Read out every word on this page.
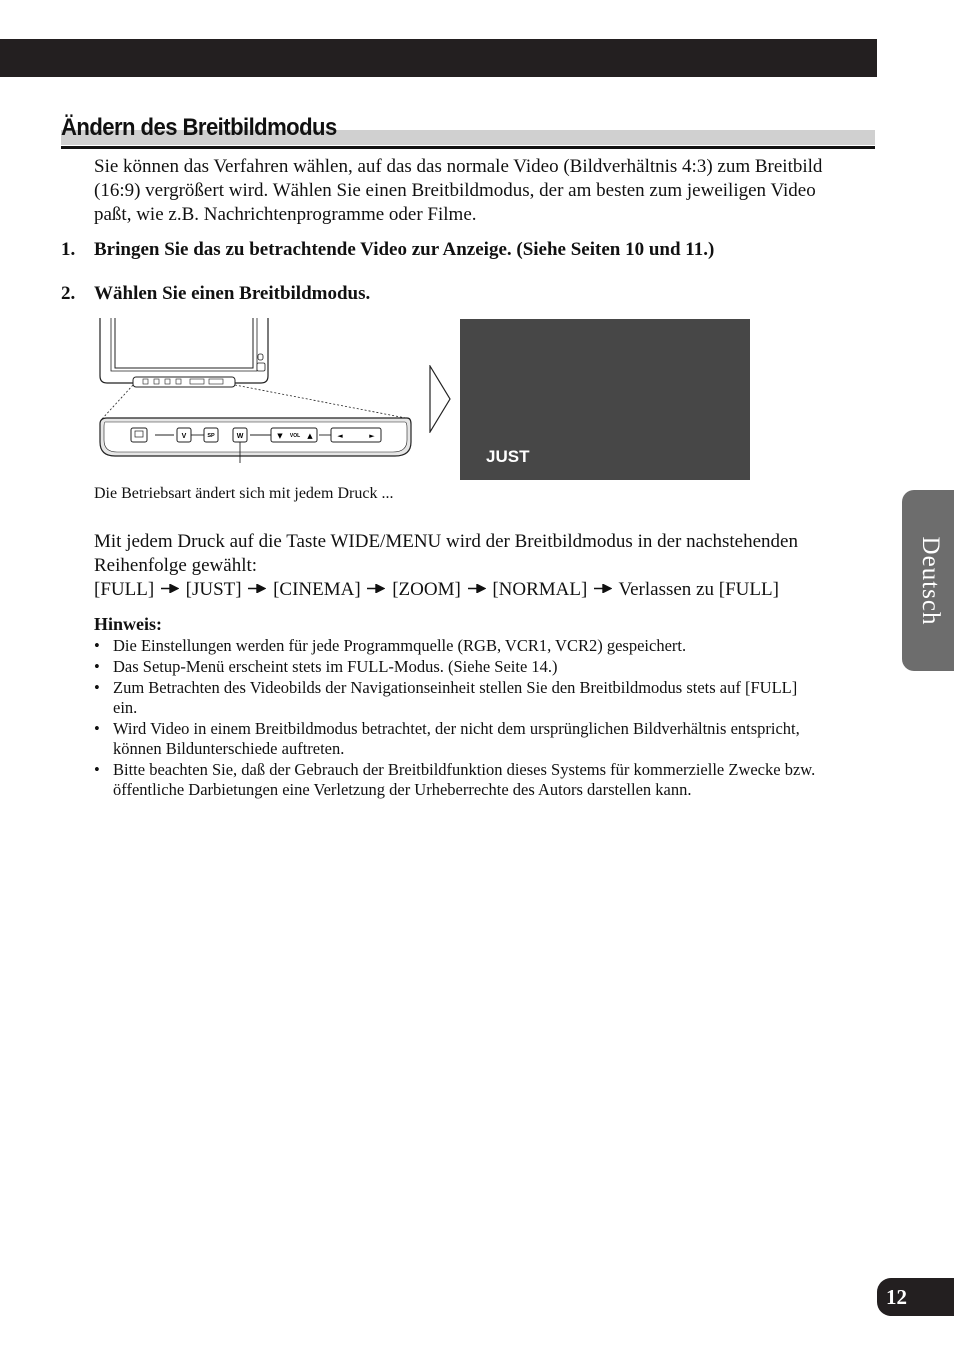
Ändern des Breitbildmodus

Sie können das Verfahren wählen, auf das das normale Video (Bildverhältnis 4:3) zum Breitbild (16:9) vergrößert wird. Wählen Sie einen Breitbildmodus, der am besten zum jeweiligen Video paßt, wie z.B. Nachrichtenprogramme oder Filme.

1. Bringen Sie das zu betrachtende Video zur Anzeige. (Siehe Seiten 10 und 11.)

2. Wählen Sie einen Breitbildmodus.

V	SP	W	▼ VOL ▲	◄	►
JUST

Die Betriebsart ändert sich mit jedem Druck ...

Mit jedem Druck auf die Taste WIDE/MENU wird der Breitbildmodus in der nachstehenden Reihenfolge gewählt:
[FULL] [JUST] [CINEMA] [ZOOM] [NORMAL] Verlassen zu [FULL]

Hinweis:

• Die Einstellungen werden für jede Programmquelle (RGB, VCR1, VCR2) gespeichert.
• Das Setup-Menü erscheint stets im FULL-Modus. (Siehe Seite 14.)
• Zum Betrachten des Videobilds der Navigationseinheit stellen Sie den Breitbildmodus stets auf [FULL] ein.
• Wird Video in einem Breitbildmodus betrachtet, der nicht dem ursprünglichen Bildverhältnis entspricht, können Bildunterschiede auftreten.
• Bitte beachten Sie, daß der Gebrauch der Breitbildfunktion dieses Systems für kommerzielle Zwecke bzw. öffentliche Darbietungen eine Verletzung der Urheberrechte des Autors darstellen kann.
Deutsch
12
